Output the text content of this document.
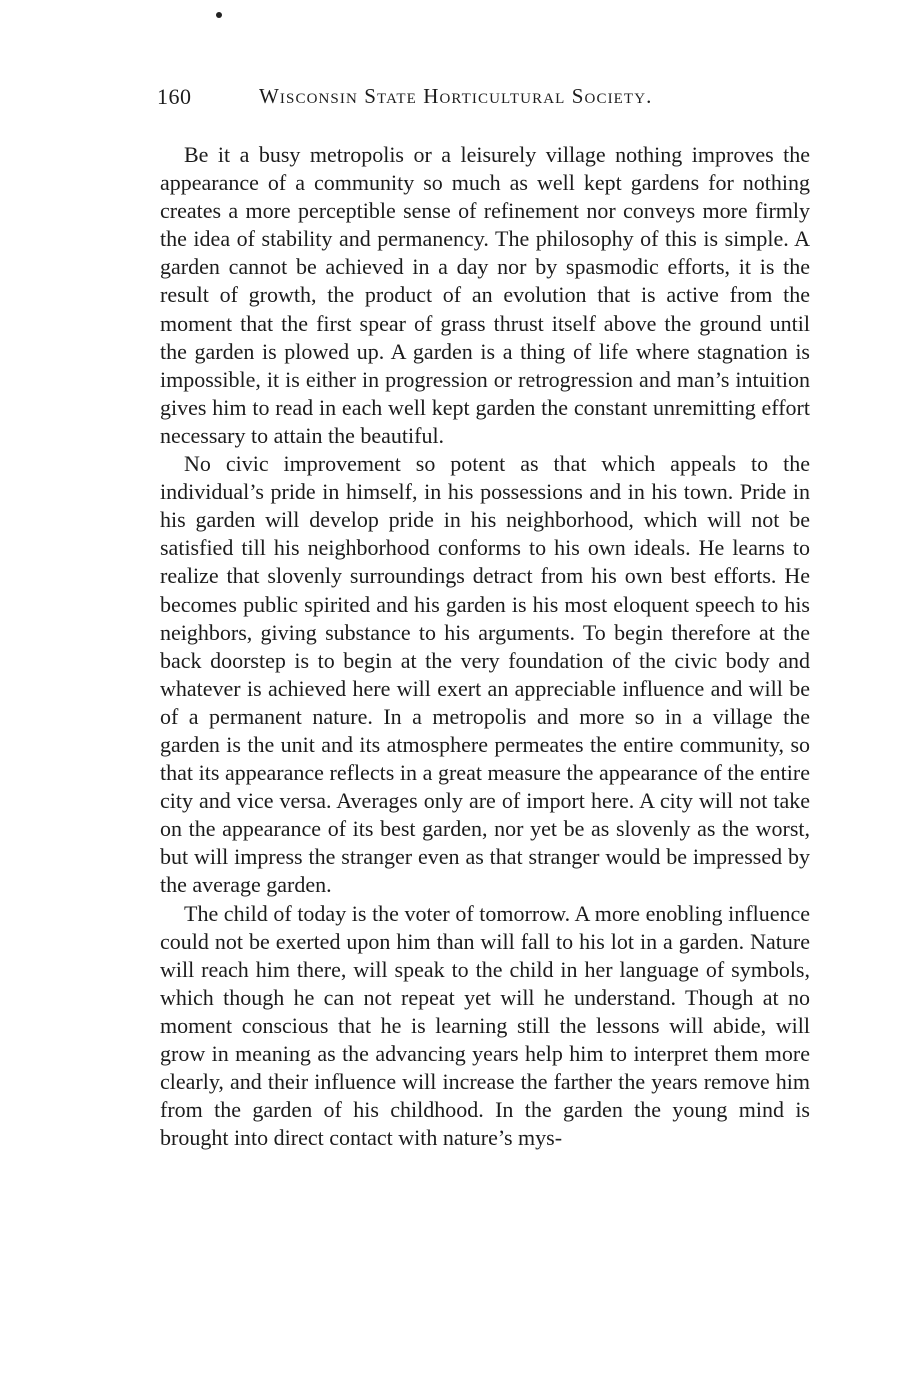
160	Wisconsin State Horticultural Society.

Be it a busy metropolis or a leisurely village nothing improves the appearance of a community so much as well kept gardens for nothing creates a more perceptible sense of refinement nor conveys more firmly the idea of stability and permanency. The philosophy of this is simple. A garden cannot be achieved in a day nor by spasmodic efforts, it is the result of growth, the product of an evolution that is active from the moment that the first spear of grass thrust itself above the ground until the garden is plowed up. A garden is a thing of life where stagnation is impossible, it is either in progression or retrogression and man’s intuition gives him to read in each well kept garden the constant unremitting effort necessary to attain the beautiful.

No civic improvement so potent as that which appeals to the individual’s pride in himself, in his possessions and in his town. Pride in his garden will develop pride in his neighborhood, which will not be satisfied till his neighborhood conforms to his own ideals. He learns to realize that slovenly surroundings detract from his own best efforts. He becomes public spirited and his garden is his most eloquent speech to his neighbors, giving substance to his arguments. To begin therefore at the back doorstep is to begin at the very foundation of the civic body and whatever is achieved here will exert an appreciable influence and will be of a permanent nature. In a metropolis and more so in a village the garden is the unit and its atmosphere permeates the entire community, so that its appearance reflects in a great measure the appearance of the entire city and vice versa. Averages only are of import here. A city will not take on the appearance of its best garden, nor yet be as slovenly as the worst, but will impress the stranger even as that stranger would be impressed by the average garden.

The child of today is the voter of tomorrow. A more enobling influence could not be exerted upon him than will fall to his lot in a garden. Nature will reach him there, will speak to the child in her language of symbols, which though he can not repeat yet will he understand. Though at no moment conscious that he is learning still the lessons will abide, will grow in meaning as the advancing years help him to interpret them more clearly, and their influence will increase the farther the years remove him from the garden of his childhood. In the garden the young mind is brought into direct contact with nature’s mys-
